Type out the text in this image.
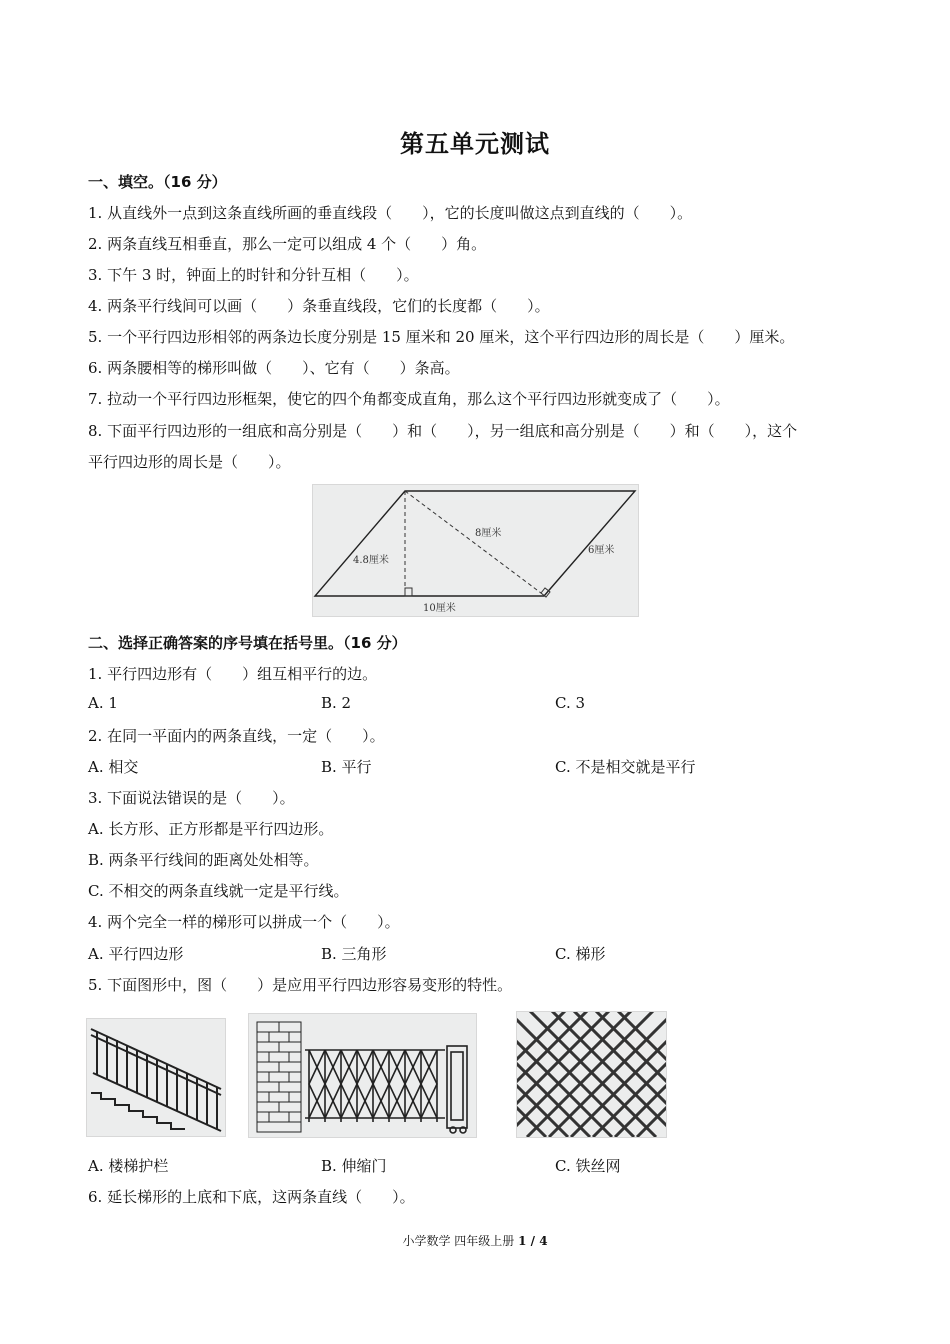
第五单元测试
一、填空。（16 分）
1. 从直线外一点到这条直线所画的垂直线段（　　），它的长度叫做这点到直线的（　　）。
2. 两条直线互相垂直，那么一定可以组成 4 个（　　）角。
3. 下午 3 时，钟面上的时针和分针互相（　　）。
4. 两条平行线间可以画（　　）条垂直线段，它们的长度都（　　）。
5. 一个平行四边形相邻的两条边长度分别是 15 厘米和 20 厘米，这个平行四边形的周长是（　　）厘米。
6. 两条腰相等的梯形叫做（　　）、它有（　　）条高。
7. 拉动一个平行四边形框架，使它的四个角都变成直角，那么这个平行四边形就变成了（　　）。
8. 下面平行四边形的一组底和高分别是（　　）和（　　），另一组底和高分别是（　　）和（　　），这个
平行四边形的周长是（　　）。
4.8厘米
8厘米
6厘米
10厘米
二、选择正确答案的序号填在括号里。（16 分）
1. 平行四边形有（　　）组互相平行的边。
A. 1	B. 2	C. 3
2. 在同一平面内的两条直线，一定（　　）。
A. 相交	B. 平行	C. 不是相交就是平行
3. 下面说法错误的是（　　）。
A. 长方形、正方形都是平行四边形。
B. 两条平行线间的距离处处相等。
C. 不相交的两条直线就一定是平行线。
4. 两个完全一样的梯形可以拼成一个（　　）。
A. 平行四边形	B. 三角形	C. 梯形
5. 下面图形中，图（　　）是应用平行四边形容易变形的特性。
A. 楼梯护栏	B. 伸缩门	C. 铁丝网
6. 延长梯形的上底和下底，这两条直线（　　）。
小学数学 四年级上册 1 / 4
